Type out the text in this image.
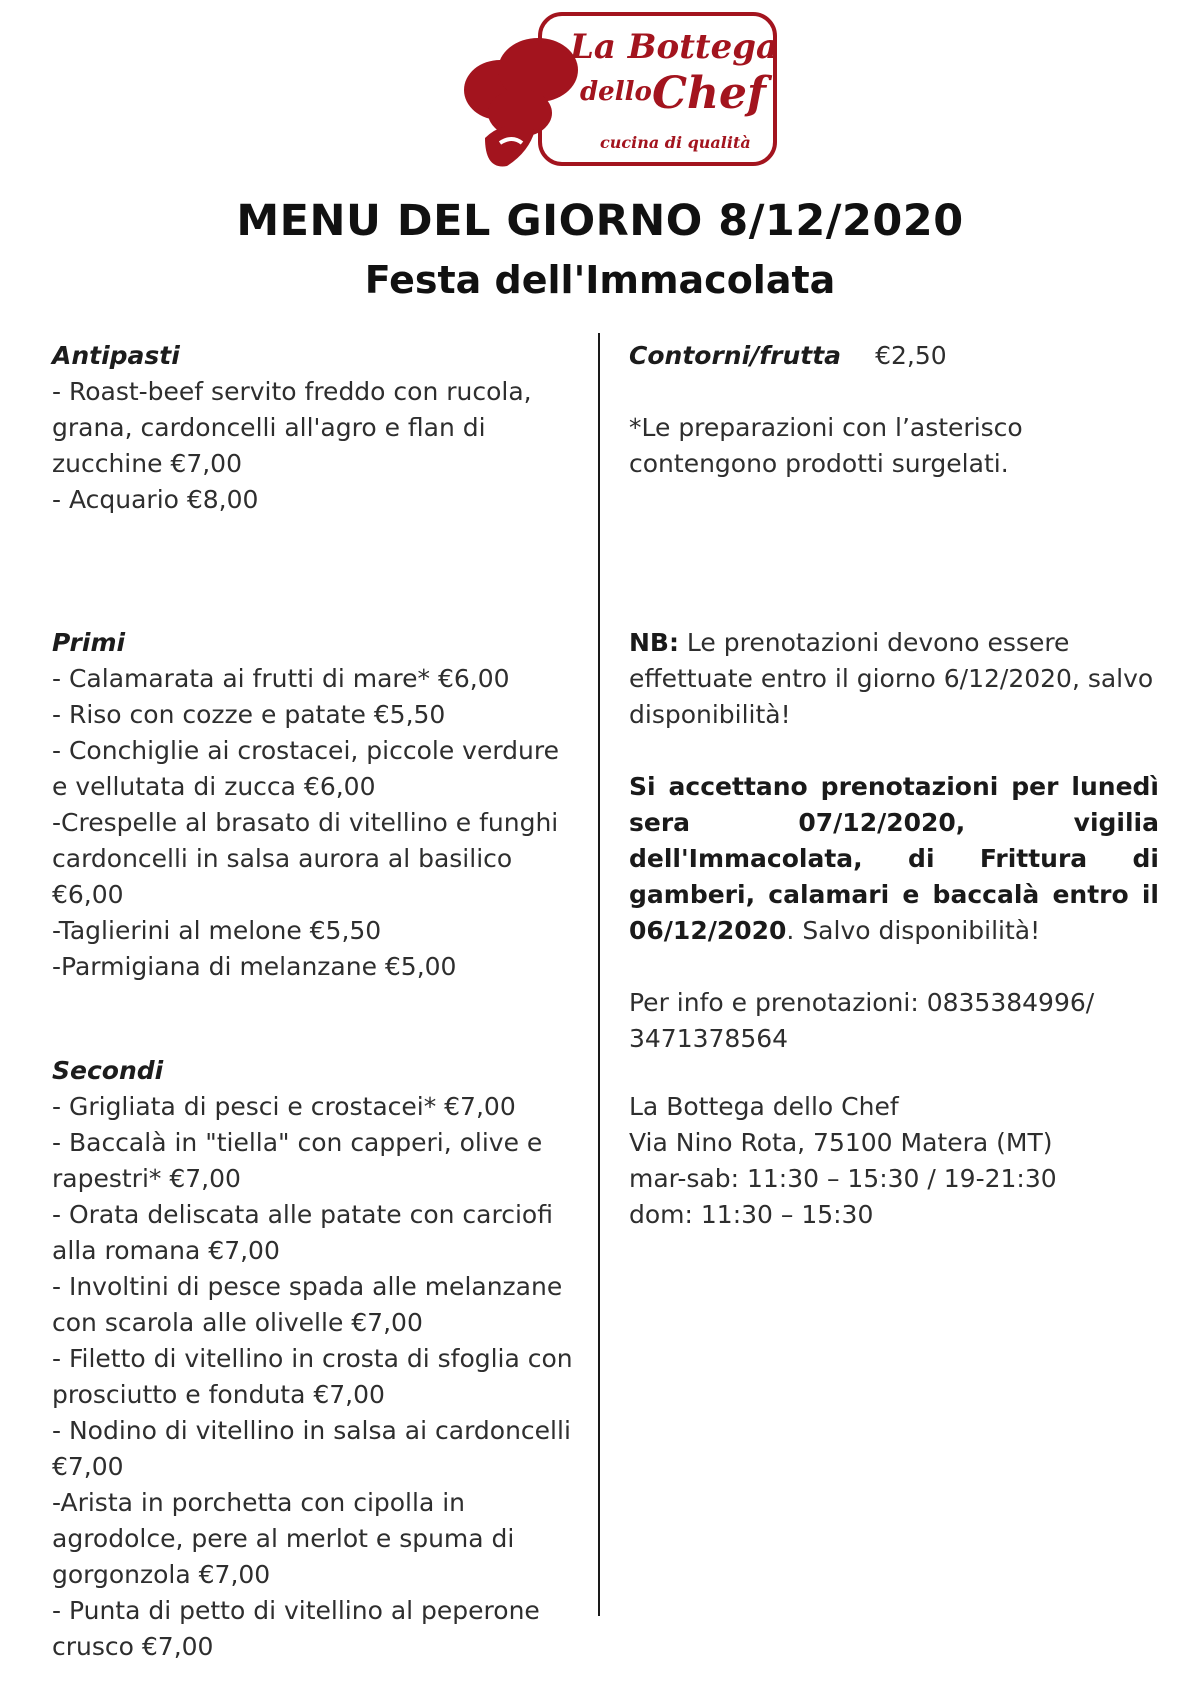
La Bottega
dello Chef
cucina di qualità
MENU DEL GIORNO 8/12/2020
Festa dell'Immacolata
Antipasti

- Roast-beef servito freddo con rucola, grana, cardoncelli all'agro e flan di zucchine €7,00

- Acquario €8,00

Primi

- Calamarata ai frutti di mare* €6,00

- Riso con cozze e patate €5,50

- Conchiglie ai crostacei, piccole verdure e vellutata di zucca €6,00

-Crespelle al brasato di vitellino e funghi cardoncelli in salsa aurora al basilico €6,00

-Taglierini al melone €5,50

-Parmigiana di melanzane €5,00

Secondi

- Grigliata di pesci e crostacei* €7,00

- Baccalà in "tiella" con capperi, olive e rapestri* €7,00

- Orata deliscata alle patate con carciofi alla romana €7,00

- Involtini di pesce spada alle melanzane con scarola alle olivelle €7,00

- Filetto di vitellino in crosta di sfoglia con prosciutto e fonduta €7,00

- Nodino di vitellino in salsa ai cardoncelli €7,00

-Arista in porchetta con cipolla in agrodolce, pere al merlot e spuma di gorgonzola €7,00

- Punta di petto di vitellino al peperone crusco €7,00

Contorni/frutta €2,50

*Le preparazioni con l’asterisco contengono prodotti surgelati.

NB: Le prenotazioni devono essere effettuate entro il giorno 6/12/2020, salvo disponibilità!

Si accettano prenotazioni per lunedì sera 07/12/2020, vigilia dell'Immacolata, di Frittura di gamberi, calamari e baccalà entro il 06/12/2020. Salvo disponibilità!

Per info e prenotazioni: 0835384996/ 3471378564

La Bottega dello Chef

Via Nino Rota, 75100 Matera (MT)

mar-sab: 11:30 – 15:30 / 19-21:30

dom: 11:30 – 15:30
